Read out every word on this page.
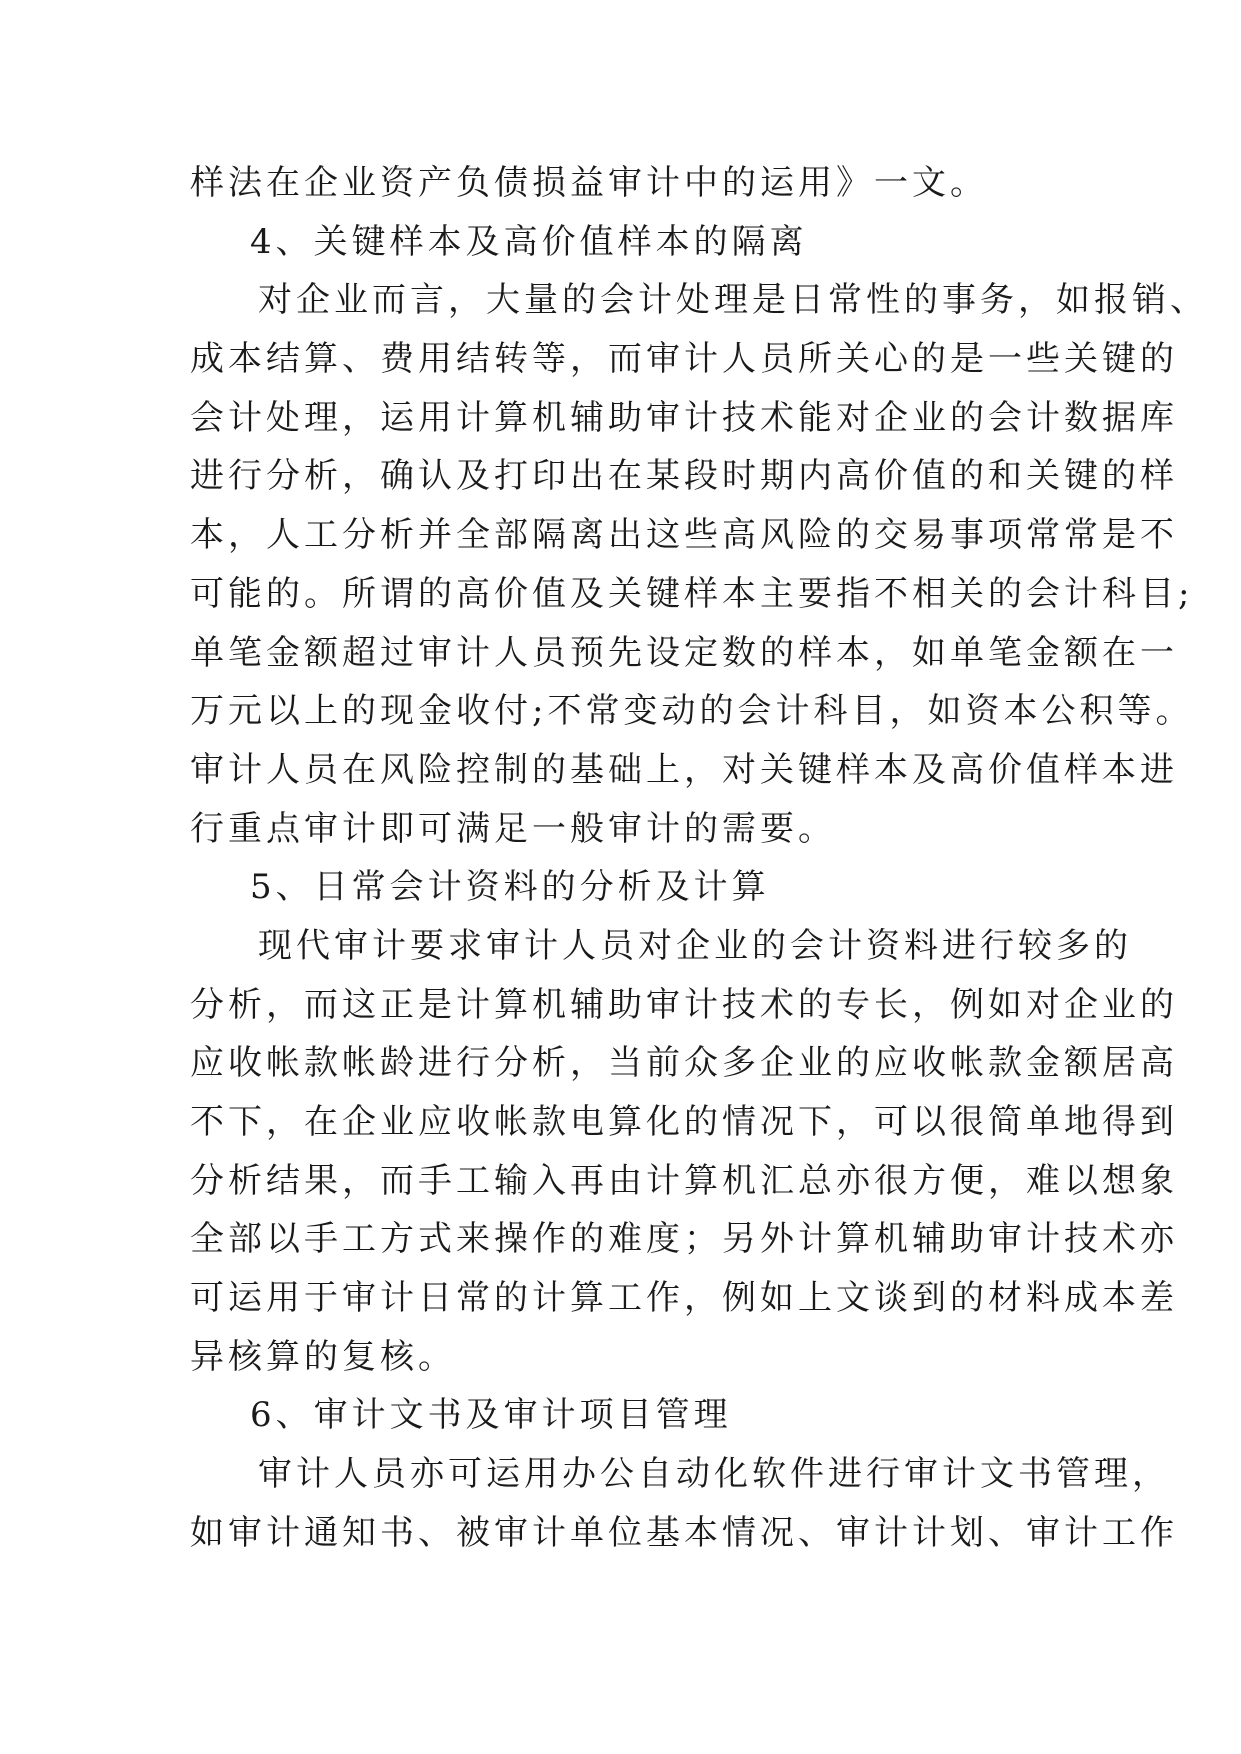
样法在企业资产负债损益审计中的运用》一文。
4、关键样本及高价值样本的隔离
对企业而言，大量的会计处理是日常性的事务，如报销、
成本结算、费用结转等，而审计人员所关心的是一些关键的
会计处理，运用计算机辅助审计技术能对企业的会计数据库
进行分析，确认及打印出在某段时期内高价值的和关键的样
本，人工分析并全部隔离出这些高风险的交易事项常常是不
可能的。所谓的高价值及关键样本主要指不相关的会计科目;
单笔金额超过审计人员预先设定数的样本，如单笔金额在一
万元以上的现金收付;不常变动的会计科目，如资本公积等。
审计人员在风险控制的基础上，对关键样本及高价值样本进
行重点审计即可满足一般审计的需要。
5、日常会计资料的分析及计算
现代审计要求审计人员对企业的会计资料进行较多的
分析，而这正是计算机辅助审计技术的专长，例如对企业的
应收帐款帐龄进行分析，当前众多企业的应收帐款金额居高
不下，在企业应收帐款电算化的情况下，可以很简单地得到
分析结果，而手工输入再由计算机汇总亦很方便，难以想象
全部以手工方式来操作的难度；另外计算机辅助审计技术亦
可运用于审计日常的计算工作，例如上文谈到的材料成本差
异核算的复核。
6、审计文书及审计项目管理
审计人员亦可运用办公自动化软件进行审计文书管理，
如审计通知书、被审计单位基本情况、审计计划、审计工作
